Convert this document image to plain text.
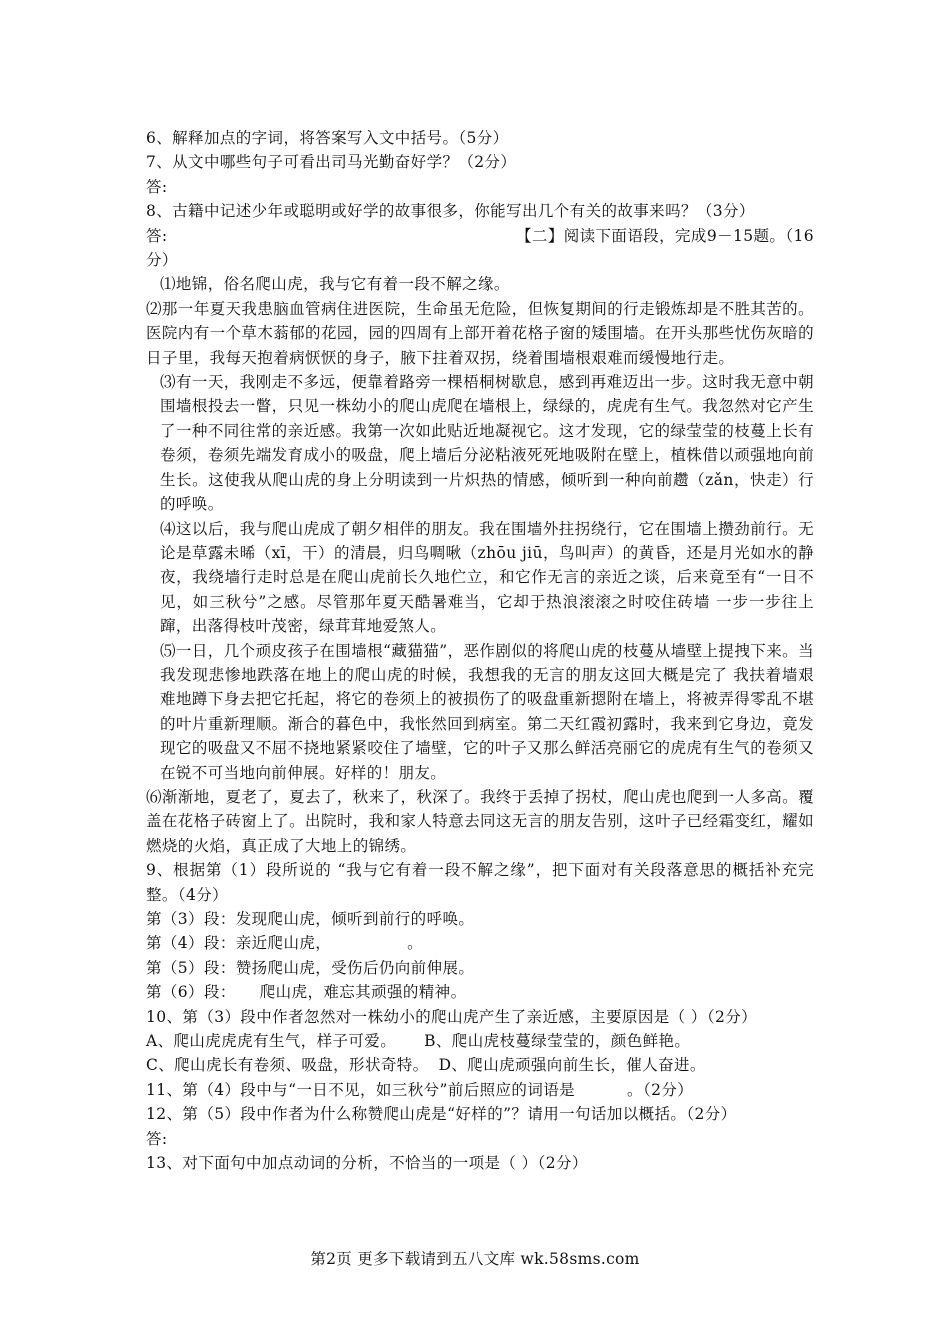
6、解释加点的字词，将答案写入文中括号。（5分）

7、从文中哪些句子可看出司马光勤奋好学？（2分）

答:

8、古籍中记述少年或聪明或好学的故事很多，你能写出几个有关的故事来吗？（3分）

答:	【二】阅读下面语段，完成9－15题。（16

分）

⑴地锦，俗名爬山虎，我与它有着一段不解之缘。

⑵那一年夏天我患脑血管病住进医院，生命虽无危险，但恢复期间的行走锻炼却是不胜其苦的。医院内有一个草木蓊郁的花园，园的四周有上部开着花格子窗的矮围墙。在开头那些忧伤灰暗的日子里，我每天抱着病恹恹的身子，腋下拄着双拐，绕着围墙根艰难而缓慢地行走。

⑶有一天，我刚走不多远，便靠着路旁一棵梧桐树歇息，感到再难迈出一步。这时我无意中朝围墙根投去一瞥，只见一株幼小的爬山虎爬在墙根上，绿绿的，虎虎有生气。我忽然对它产生了一种不同往常的亲近感。我第一次如此贴近地凝视它。这才发现，它的绿莹莹的枝蔓上长有卷须，卷须先端发育成小的吸盘，爬上墙后分泌粘液死死地吸附在壁上，植株借以顽强地向前生长。这使我从爬山虎的身上分明读到一片炽热的情感，倾听到一种向前趱（zǎn，快走）行的呼唤。

⑷这以后，我与爬山虎成了朝夕相伴的朋友。我在围墙外拄拐绕行，它在围墙上攒劲前行。无论是草露未晞（xī，干）的清晨，归鸟啁啾（zhōu jiū，鸟叫声）的黄昏，还是月光如水的静夜，我绕墙行走时总是在爬山虎前长久地伫立，和它作无言的亲近之谈，后来竟至有“一日不见，如三秋兮”之感。尽管那年夏天酷暑难当，它却于热浪滚滚之时咬住砖墙 一步一步往上蹿，出落得枝叶茂密，绿茸茸地爱煞人。

⑸一日，几个顽皮孩子在围墙根“藏猫猫”，恶作剧似的将爬山虎的枝蔓从墙壁上提拽下来。当我发现悲惨地跌落在地上的爬山虎的时候，我想我的无言的朋友这回大概是完了 我扶着墙艰难地蹲下身去把它托起，将它的卷须上的被损伤了的吸盘重新摁附在墙上，将被弄得零乱不堪的叶片重新理顺。渐合的暮色中，我怅然回到病室。第二天红霞初露时，我来到它身边，竟发现它的吸盘又不屈不挠地紧紧咬住了墙壁，它的叶子又那么鲜活亮丽它的虎虎有生气的卷须又在锐不可当地向前伸展。好样的！朋友。

⑹渐渐地，夏老了，夏去了，秋来了，秋深了。我终于丢掉了拐杖，爬山虎也爬到一人多高。覆盖在花格子砖窗上了。出院时，我和家人特意去同这无言的朋友告别，这叶子已经霜变红，耀如燃烧的火焰，真正成了大地上的锦绣。

9、根据第（1）段所说的 “我与它有着一段不解之缘”，把下面对有关段落意思的概括补充完整。（4分）

第（3）段：发现爬山虎，倾听到前行的呼唤。

第（4）段：亲近爬山虎，	。

第（5）段：赞扬爬山虎，受伤后仍向前伸展。

第（6）段： 爬山虎，难忘其顽强的精神。

10、第（3）段中作者忽然对一株幼小的爬山虎产生了亲近感，主要原因是（ ）（2分）

A、爬山虎虎虎有生气，样子可爱。 B、爬山虎枝蔓绿莹莹的，颜色鲜艳。

C、爬山虎长有卷须、吸盘，形状奇特。 D、爬山虎顽强向前生长，催人奋进。

11、第（4）段中与“一日不见，如三秋兮”前后照应的词语是	。（2分）

12、第（5）段中作者为什么称赞爬山虎是“好样的”？请用一句话加以概括。（2分）

答:

13、对下面句中加点动词的分析，不恰当的一项是（ ）（2分）

第2页 更多下载请到五八文库 wk.58sms.com
